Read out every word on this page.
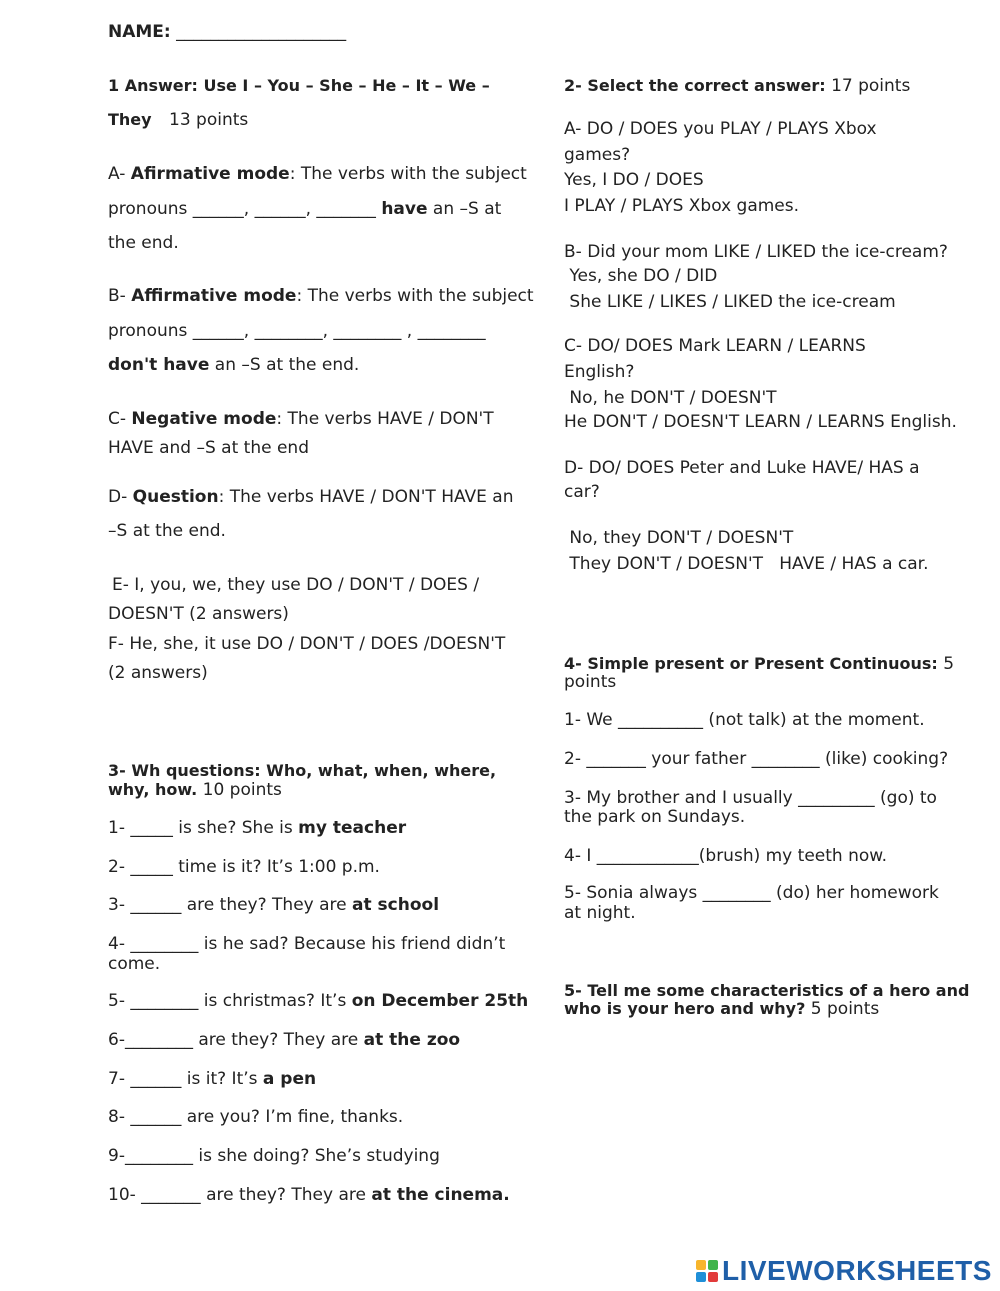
NAME: ____________________
1 Answer: Use I – You – She – He – It – We –
They 13 points
A- Afirmative mode: The verbs with the subject
pronouns ______, ______, _______ have an –S at
the end.
B- Affirmative mode: The verbs with the subject
pronouns ______, ________, ________ , ________
don't have an –S at the end.
C- Negative mode: The verbs HAVE / DON'T
HAVE and –S at the end
D- Question: The verbs HAVE / DON'T HAVE an
–S at the end.
E- I, you, we, they use DO / DON'T / DOES /
DOESN'T (2 answers)
F- He, she, it use DO / DON'T / DOES /DOESN'T
(2 answers)
2- Select the correct answer: 17 points
A- DO / DOES you PLAY / PLAYS Xbox
games?
Yes, I DO / DOES
I PLAY / PLAYS Xbox games.
B- Did your mom LIKE / LIKED the ice-cream?
Yes, she DO / DID
She LIKE / LIKES / LIKED the ice-cream
C- DO/ DOES Mark LEARN / LEARNS
English?
No, he DON'T / DOESN'T
He DON'T / DOESN'T LEARN / LEARNS English.
D- DO/ DOES Peter and Luke HAVE/ HAS a
car?
No, they DON'T / DOESN'T
They DON'T / DOESN'T   HAVE / HAS a car.
3- Wh questions: Who, what, when, where,
why, how. 10 points
1- _____ is she? She is my teacher
2- _____ time is it? It’s 1:00 p.m.
3- ______ are they? They are at school
4- ________ is he sad? Because his friend didn’t
come.
5- ________ is christmas? It’s on December 25th
6-________ are they? They are at the zoo
7- ______ is it? It’s a pen
8- ______ are you? I’m fine, thanks.
9-________ is she doing? She’s studying
10- _______ are they? They are at the cinema.
4- Simple present or Present Continuous: 5
points
1- We __________ (not talk) at the moment.
2- _______ your father ________ (like) cooking?
3- My brother and I usually _________ (go) to
the park on Sundays.
4- I ____________(brush) my teeth now.
5- Sonia always ________ (do) her homework
at night.
5- Tell me some characteristics of a hero and
who is your hero and why? 5 points
LIVEWORKSHEETS
